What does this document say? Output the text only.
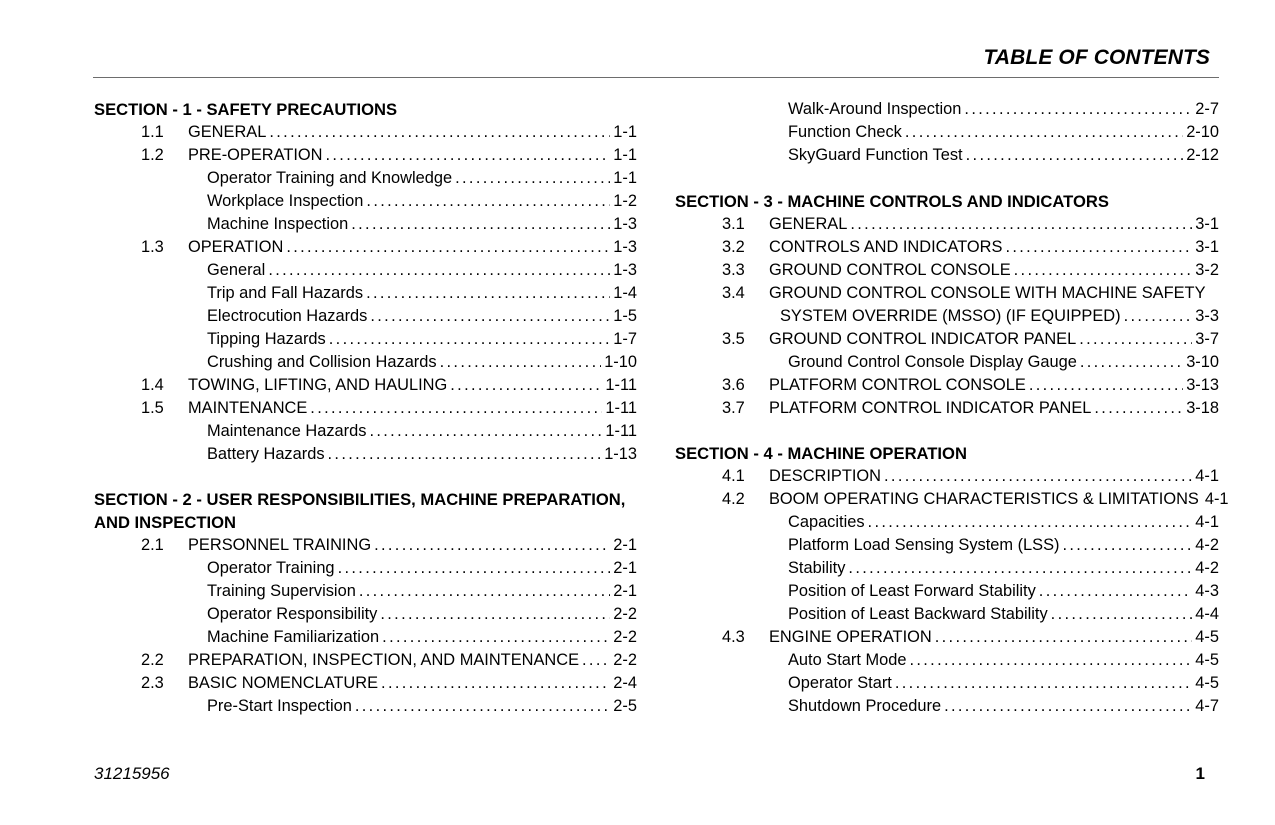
TABLE OF CONTENTS
SECTION - 1 - SAFETY PRECAUTIONS
1.1	GENERAL . . .	1-1
1.2	PRE-OPERATION . . .	1-1
Operator Training and Knowledge . . .	1-1
Workplace Inspection . . .	1-2
Machine Inspection . . .	1-3
1.3	OPERATION . . .	1-3
General . . .	1-3
Trip and Fall Hazards . . .	1-4
Electrocution Hazards . . .	1-5
Tipping Hazards . . .	1-7
Crushing and Collision Hazards . . .	1-10
1.4	TOWING, LIFTING, AND HAULING . . .	1-11
1.5	MAINTENANCE . . .	1-11
Maintenance Hazards . . .	1-11
Battery Hazards . . .	1-13
SECTION - 2 - USER RESPONSIBILITIES, MACHINE PREPARATION, AND INSPECTION
2.1	PERSONNEL TRAINING . . .	2-1
Operator Training . . .	2-1
Training Supervision . . .	2-1
Operator Responsibility . . .	2-2
Machine Familiarization . . .	2-2
2.2	PREPARATION, INSPECTION, AND MAINTENANCE . . . 2-2
2.3	BASIC NOMENCLATURE . . .	2-4
Pre-Start Inspection . . .	2-5
Walk-Around Inspection . . .	2-7
Function Check . . .	2-10
SkyGuard Function Test . . .	2-12
SECTION - 3 - MACHINE CONTROLS AND INDICATORS
3.1	GENERAL . . .	3-1
3.2	CONTROLS AND INDICATORS . . .	3-1
3.3	GROUND CONTROL CONSOLE . . .	3-2
3.4	GROUND CONTROL CONSOLE WITH MACHINE SAFETY
SYSTEM OVERRIDE (MSSO) (IF EQUIPPED) . . .	3-3
3.5	GROUND CONTROL INDICATOR PANEL . . .	3-7
Ground Control Console Display Gauge . . .	3-10
3.6	PLATFORM CONTROL CONSOLE . . .	3-13
3.7	PLATFORM CONTROL INDICATOR PANEL . . .	3-18
SECTION - 4 - MACHINE OPERATION
4.1	DESCRIPTION . . .	4-1
4.2	BOOM OPERATING CHARACTERISTICS & LIMITATIONS 4-1
Capacities . . .	4-1
Platform Load Sensing System (LSS) . . .	4-2
Stability . . .	4-2
Position of Least Forward Stability . . .	4-3
Position of Least Backward Stability . . .	4-4
4.3	ENGINE OPERATION . . .	4-5
Auto Start Mode . . .	4-5
Operator Start . . .	4-5
Shutdown Procedure . . .	4-7
31215956	1
